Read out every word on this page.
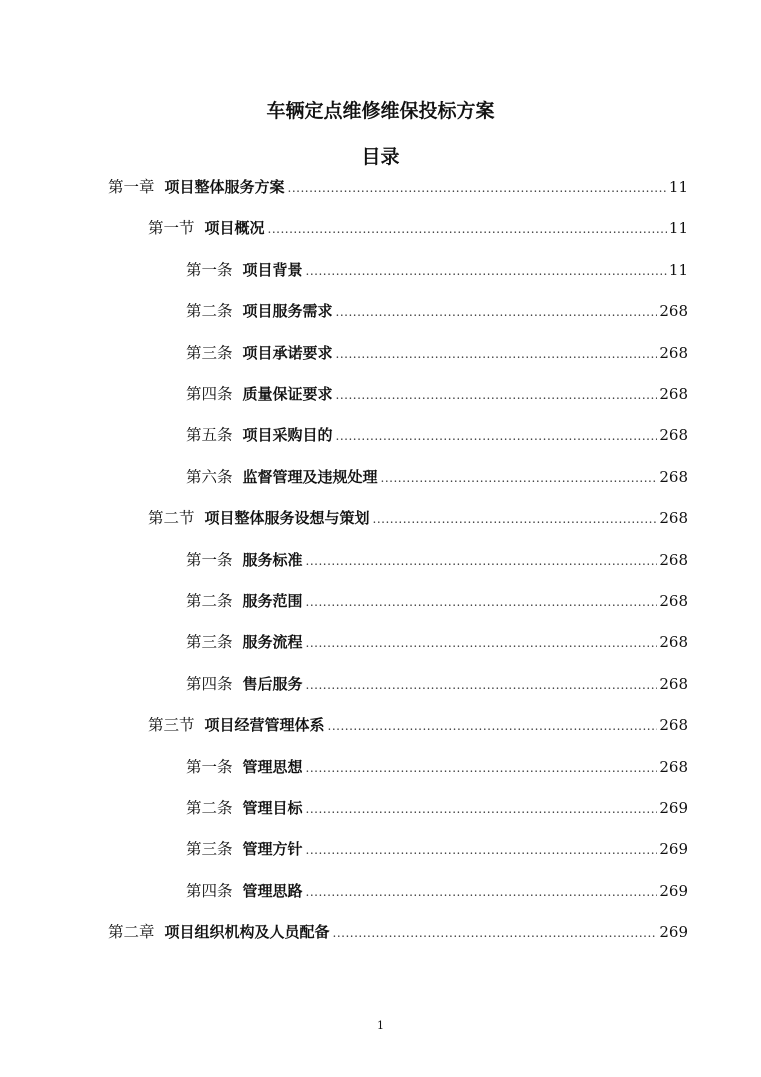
车辆定点维修维保投标方案
目录
第一章 项目整体服务方案 .....	11
第一节 项目概况 .....	11
第一条 项目背景 .....	11
第二条 项目服务需求 .....	268
第三条 项目承诺要求 .....	268
第四条 质量保证要求 .....	268
第五条 项目采购目的 .....	268
第六条 监督管理及违规处理 .....	268
第二节 项目整体服务设想与策划 .....	268
第一条 服务标准 .....	268
第二条 服务范围 .....	268
第三条 服务流程 .....	268
第四条 售后服务 .....	268
第三节 项目经营管理体系 .....	268
第一条 管理思想 .....	268
第二条 管理目标 .....	269
第三条 管理方针 .....	269
第四条 管理思路 .....	269
第二章 项目组织机构及人员配备 .....	269
1
